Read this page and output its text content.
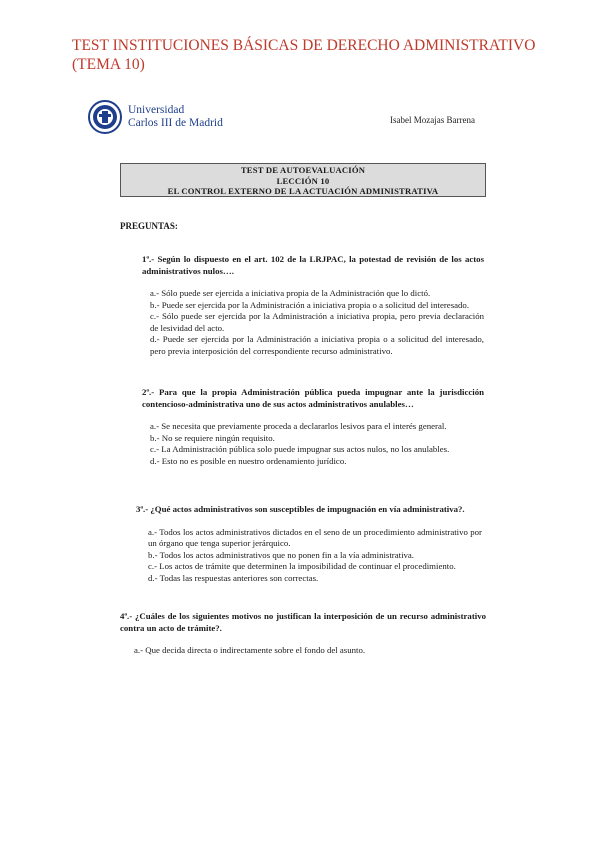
TEST INSTITUCIONES BÁSICAS DE DERECHO ADMINISTRATIVO (TEMA 10)
Universidad
Carlos III de Madrid	Isabel Mozajas Barrena
TEST DE AUTOEVALUACIÓN
LECCIÓN 10
EL CONTROL EXTERNO DE LA ACTUACIÓN ADMINISTRATIVA
PREGUNTAS:
1ª.- Según lo dispuesto en el art. 102 de la LRJPAC, la potestad de revisión de los actos administrativos nulos….
a.- Sólo puede ser ejercida a iniciativa propia de la Administración que lo dictó.
b.- Puede ser ejercida por la Administración a iniciativa propia o a solicitud del interesado.
c.- Sólo puede ser ejercida por la Administración a iniciativa propia, pero previa declaración de lesividad del acto.
d.- Puede ser ejercida por la Administración a iniciativa propia o a solicitud del interesado, pero previa interposición del correspondiente recurso administrativo.
2ª.- Para que la propia Administración pública pueda impugnar ante la jurisdicción contencioso-administrativa uno de sus actos administrativos anulables…
a.- Se necesita que previamente proceda a declararlos lesivos para el interés general.
b.- No se requiere ningún requisito.
c.- La Administración pública solo puede impugnar sus actos nulos, no los anulables.
d.- Esto no es posible en nuestro ordenamiento jurídico.
3ª.- ¿Qué actos administrativos son susceptibles de impugnación en vía administrativa?.
a.- Todos los actos administrativos dictados en el seno de un procedimiento administrativo por un órgano que tenga superior jerárquico.
b.- Todos los actos administrativos que no ponen fin a la vía administrativa.
c.- Los actos de trámite que determinen la imposibilidad de continuar el procedimiento.
d.- Todas las respuestas anteriores son correctas.
4ª.- ¿Cuáles de los siguientes motivos no justifican la interposición de un recurso administrativo contra un acto de trámite?.
a.- Que decida directa o indirectamente sobre el fondo del asunto.
